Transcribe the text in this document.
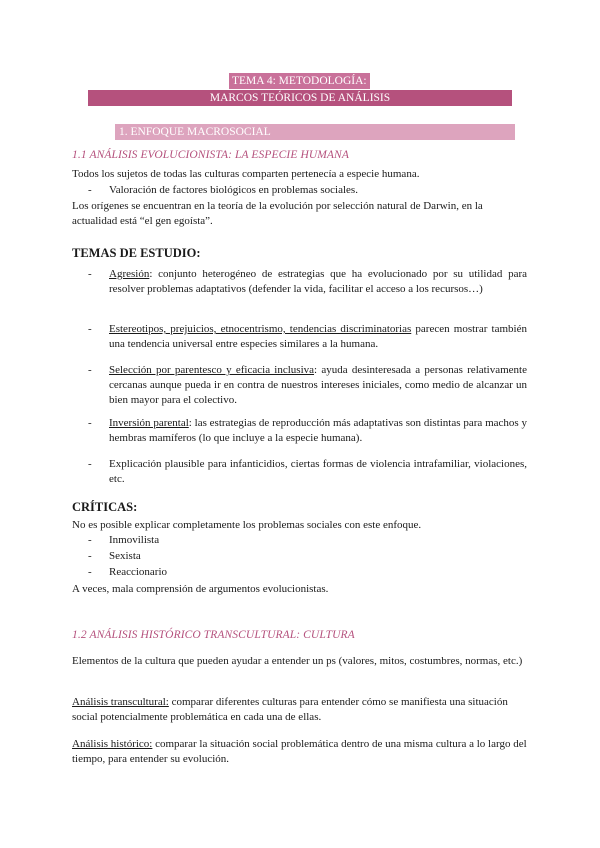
TEMA 4: METODOLOGÍA:
MARCOS TEÓRICOS DE ANÁLISIS
1. ENFOQUE MACROSOCIAL
1.1 ANÁLISIS EVOLUCIONISTA: LA ESPECIE HUMANA
Todos los sujetos de todas las culturas comparten pertenecía a especie humana.
- Valoración de factores biológicos en problemas sociales.
Los orígenes se encuentran en la teoría de la evolución por selección natural de Darwin, en la actualidad está “el gen egoísta”.
TEMAS DE ESTUDIO:
- Agresión: conjunto heterogéneo de estrategias que ha evolucionado por su utilidad para resolver problemas adaptativos (defender la vida, facilitar el acceso a los recursos…)
- Estereotipos, prejuicios, etnocentrismo, tendencias discriminatorias parecen mostrar también una tendencia universal entre especies similares a la humana.
- Selección por parentesco y eficacia inclusiva: ayuda desinteresada a personas relativamente cercanas aunque pueda ir en contra de nuestros intereses iniciales, como medio de alcanzar un bien mayor para el colectivo.
- Inversión parental: las estrategias de reproducción más adaptativas son distintas para machos y hembras mamíferos (lo que incluye a la especie humana).
- Explicación plausible para infanticidios, ciertas formas de violencia intrafamiliar, violaciones, etc.
CRÍTICAS:
No es posible explicar completamente los problemas sociales con este enfoque.
- Inmovilista
- Sexista
- Reaccionario
A veces, mala comprensión de argumentos evolucionistas.
1.2 ANÁLISIS HISTÓRICO TRANSCULTURAL: CULTURA
Elementos de la cultura que pueden ayudar a entender un ps (valores, mitos, costumbres, normas, etc.)
Análisis transcultural: comparar diferentes culturas para entender cómo se manifiesta una situación social potencialmente problemática en cada una de ellas.
Análisis histórico: comparar la situación social problemática dentro de una misma cultura a lo largo del tiempo, para entender su evolución.
